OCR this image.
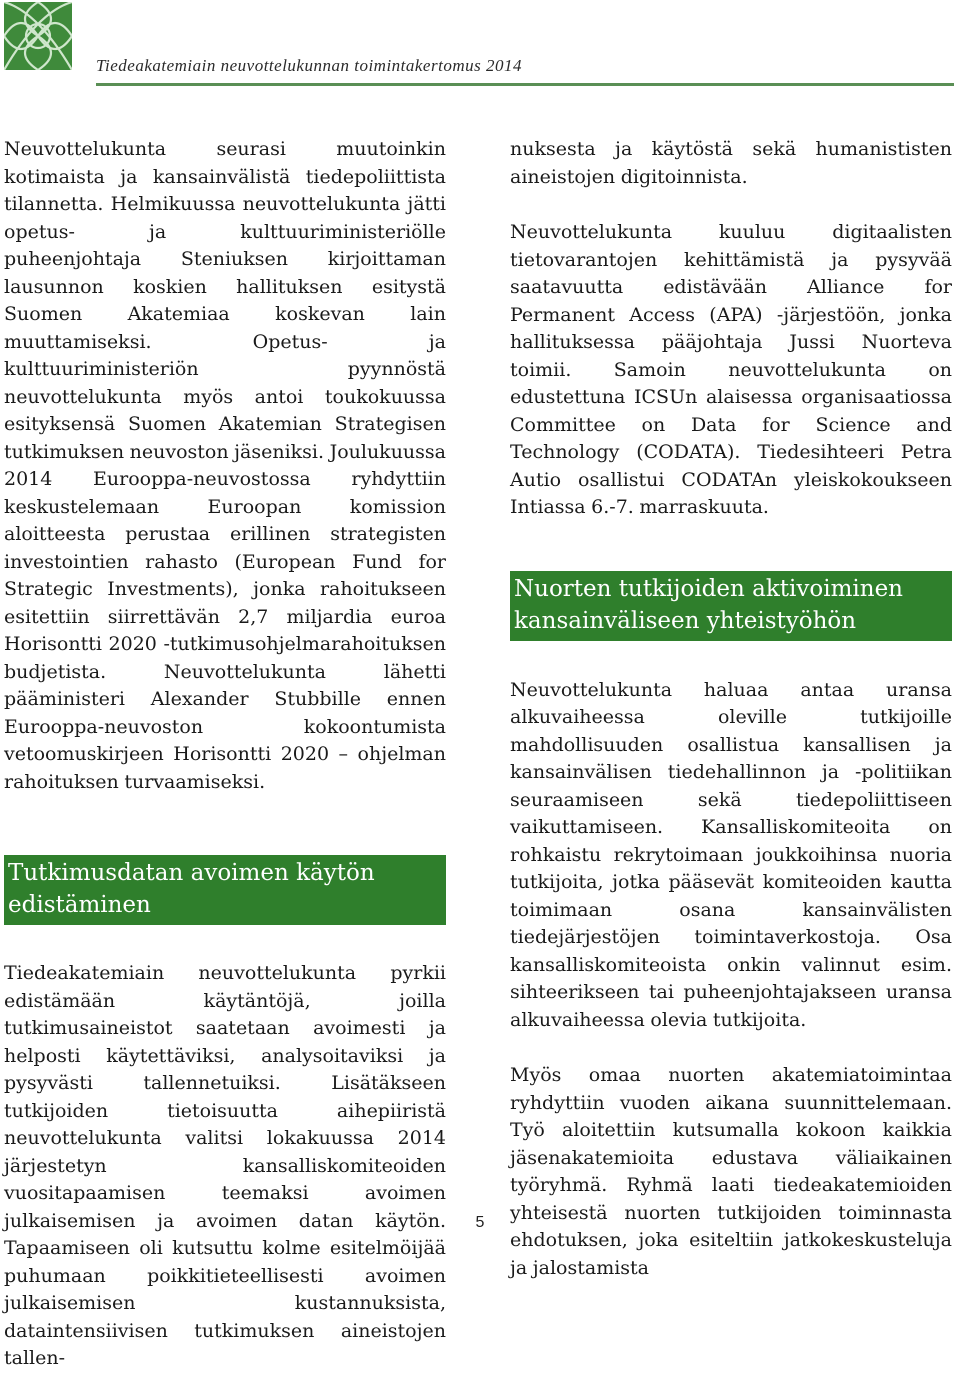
Tiedeakatemiain neuvottelukunnan toimintakertomus 2014

Neuvottelukunta seurasi muutoinkin kotimaista ja kansainvälistä tiedepoliittista tilannetta. Helmikuussa neuvottelukunta jätti opetus- ja kulttuuriministeriölle puheenjohtaja Steniuksen kirjoittaman lausunnon koskien hallituksen esitystä Suomen Akatemiaa koskevan lain muuttamiseksi. Opetus- ja kulttuuriministeriön pyynnöstä neuvottelukunta myös antoi toukokuussa esityksensä Suomen Akatemian Strategisen tutkimuksen neuvoston jäseniksi. Joulukuussa 2014 Eurooppa-neuvostossa ryhdyttiin keskustelemaan Euroopan komission aloitteesta perustaa erillinen strategisten investointien rahasto (European Fund for Strategic Investments), jonka rahoitukseen esitettiin siirrettävän 2,7 miljardia euroa Horisontti 2020 -tutkimusohjelmarahoituksen budjetista. Neuvottelukunta lähetti pääministeri Alexander Stubbille ennen Eurooppa-neuvoston kokoontumista vetoomuskirjeen Horisontti 2020 – ohjelman rahoituksen turvaamiseksi.

Tutkimusdatan avoimen käytön edistäminen

Tiedeakatemiain neuvottelukunta pyrkii edistämään käytäntöjä, joilla tutkimusaineistot saatetaan avoimesti ja helposti käytettäviksi, analysoitaviksi ja pysyvästi tallennetuiksi. Lisätäkseen tutkijoiden tietoisuutta aihepiiristä neuvottelukunta valitsi lokakuussa 2014 järjestetyn kansalliskomiteoiden vuositapaamisen teemaksi avoimen julkaisemisen ja avoimen datan käytön. Tapaamiseen oli kutsuttu kolme esitelmöijää puhumaan poikkitieteellisesti avoimen julkaisemisen kustannuksista, dataintensiivisen tutkimuksen aineistojen tallen-

nuksesta ja käytöstä sekä humanististen aineistojen digitoinnista.

Neuvottelukunta kuuluu digitaalisten tietovarantojen kehittämistä ja pysyvää saatavuutta edistävään Alliance for Permanent Access (APA) -järjestöön, jonka hallituksessa pääjohtaja Jussi Nuorteva toimii. Samoin neuvottelukunta on edustettuna ICSUn alaisessa organisaatiossa Committee on Data for Science and Technology (CODATA). Tiedesihteeri Petra Autio osallistui CODATAn yleiskokoukseen Intiassa 6.-7. marraskuuta.

Nuorten tutkijoiden aktivoiminen kansainväliseen yhteistyöhön

Neuvottelukunta haluaa antaa uransa alkuvaiheessa oleville tutkijoille mahdollisuuden osallistua kansallisen ja kansainvälisen tiedehallinnon ja -politiikan seuraamiseen sekä tiedepoliittiseen vaikuttamiseen. Kansalliskomiteoita on rohkaistu rekrytoimaan joukkoihinsa nuoria tutkijoita, jotka pääsevät komiteoiden kautta toimimaan osana kansainvälisten tiedejärjestöjen toimintaverkostoja. Osa kansalliskomiteoista onkin valinnut esim. sihteerikseen tai puheenjohtajakseen uransa alkuvaiheessa olevia tutkijoita.

Myös omaa nuorten akatemiatoimintaa ryhdyttiin vuoden aikana suunnittelemaan. Työ aloitettiin kutsumalla kokoon kaikkia jäsenakatemioita edustava väliaikainen työryhmä. Ryhmä laati tiedeakatemioiden yhteisestä nuorten tutkijoiden toiminnasta ehdotuksen, joka esiteltiin jatkokeskusteluja ja jalostamista

5
